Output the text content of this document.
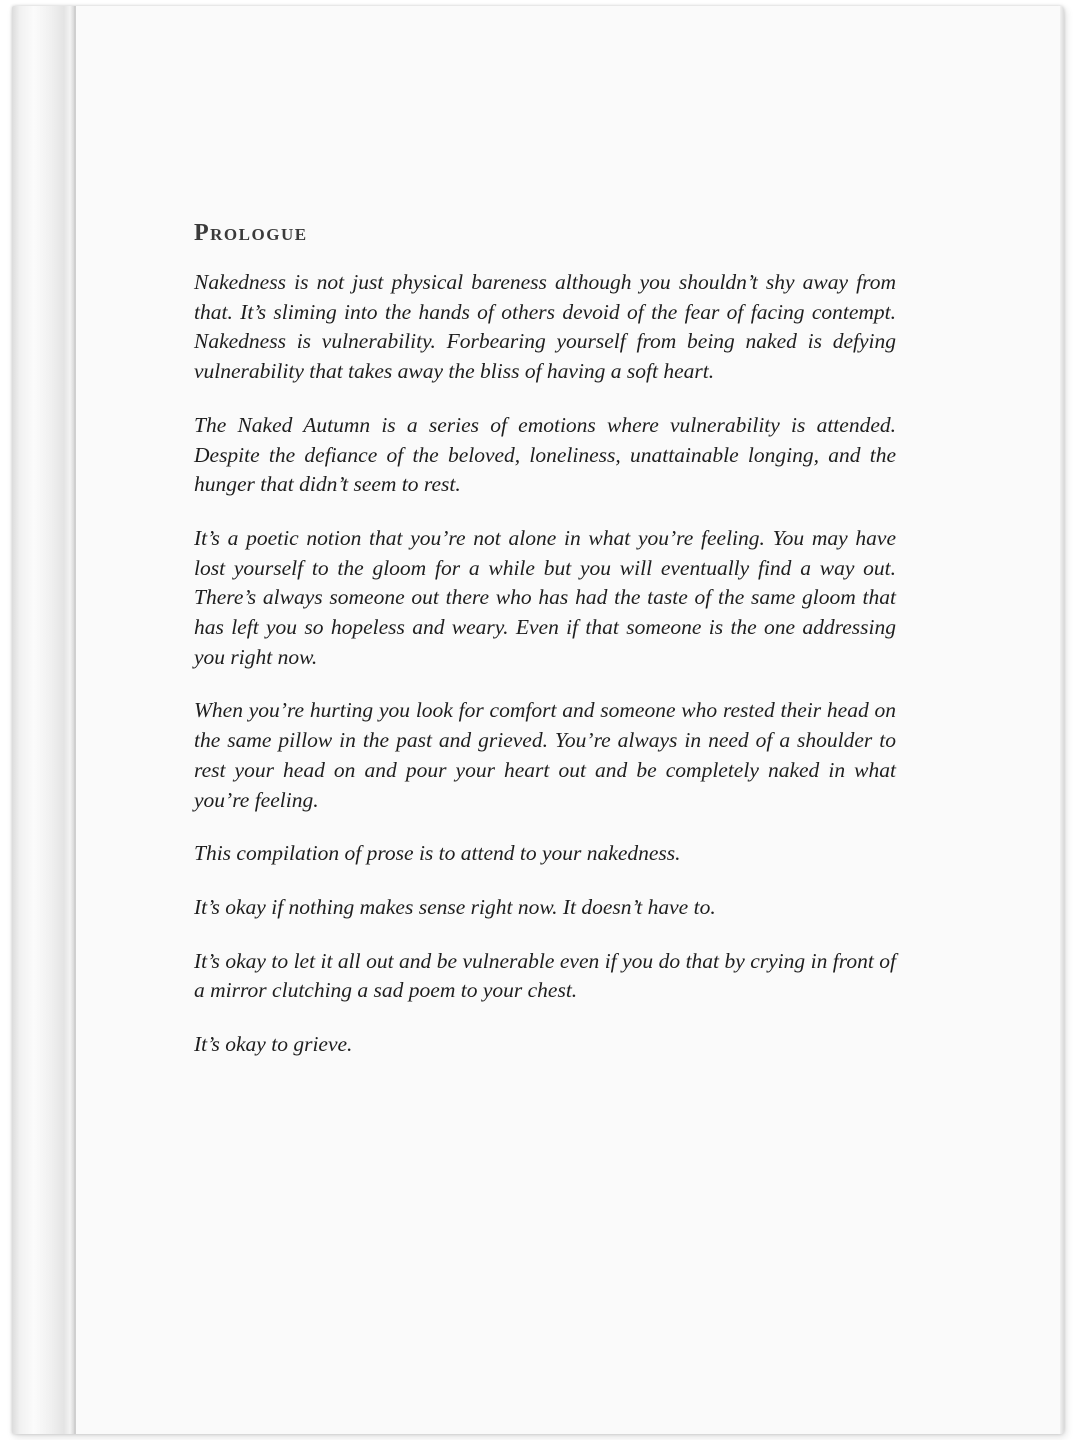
Prologue

Nakedness is not just physical bareness although you shouldn’t shy away from that. It’s sliming into the hands of others devoid of the fear of facing contempt. Nakedness is vulnerability. Forbearing yourself from being naked is defying vulnerability that takes away the bliss of having a soft heart.

The Naked Autumn is a series of emotions where vulnerability is attended. Despite the defiance of the beloved, loneliness, unattainable longing, and the hunger that didn’t seem to rest.

It’s a poetic notion that you’re not alone in what you’re feeling. You may have lost yourself to the gloom for a while but you will eventually find a way out. There’s always someone out there who has had the taste of the same gloom that has left you so hopeless and weary. Even if that someone is the one addressing you right now.

When you’re hurting you look for comfort and someone who rested their head on the same pillow in the past and grieved. You’re always in need of a shoulder to rest your head on and pour your heart out and be completely naked in what you’re feeling.

This compilation of prose is to attend to your nakedness.

It’s okay if nothing makes sense right now. It doesn’t have to.

It’s okay to let it all out and be vulnerable even if you do that by crying in front of a mirror clutching a sad poem to your chest.

It’s okay to grieve.
